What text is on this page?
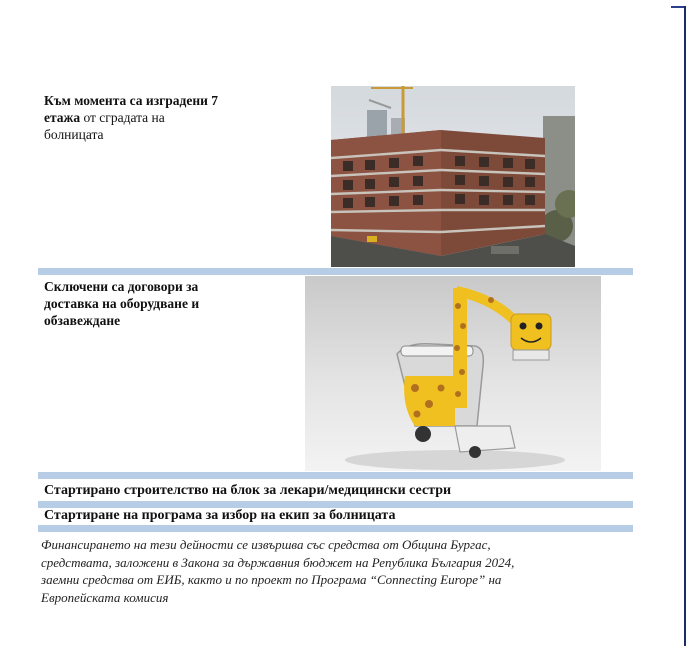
Към момента са изградени 7
етажа от сградата на
болницата
Сключени са договори за
доставка на оборудване и
обзавеждане
Стартирано строителство на блок за лекари/медицински сестри
Стартиране на програма за избор на екип за болницата
Финансирането на тези дейности се извършва със средства от Община Бургас,
средствата, заложени в Закона за държавния бюджет на Република България 2024,
заемни средства от ЕИБ, както и по проект по Програма “Connecting Europe” на
Европейската комисия
